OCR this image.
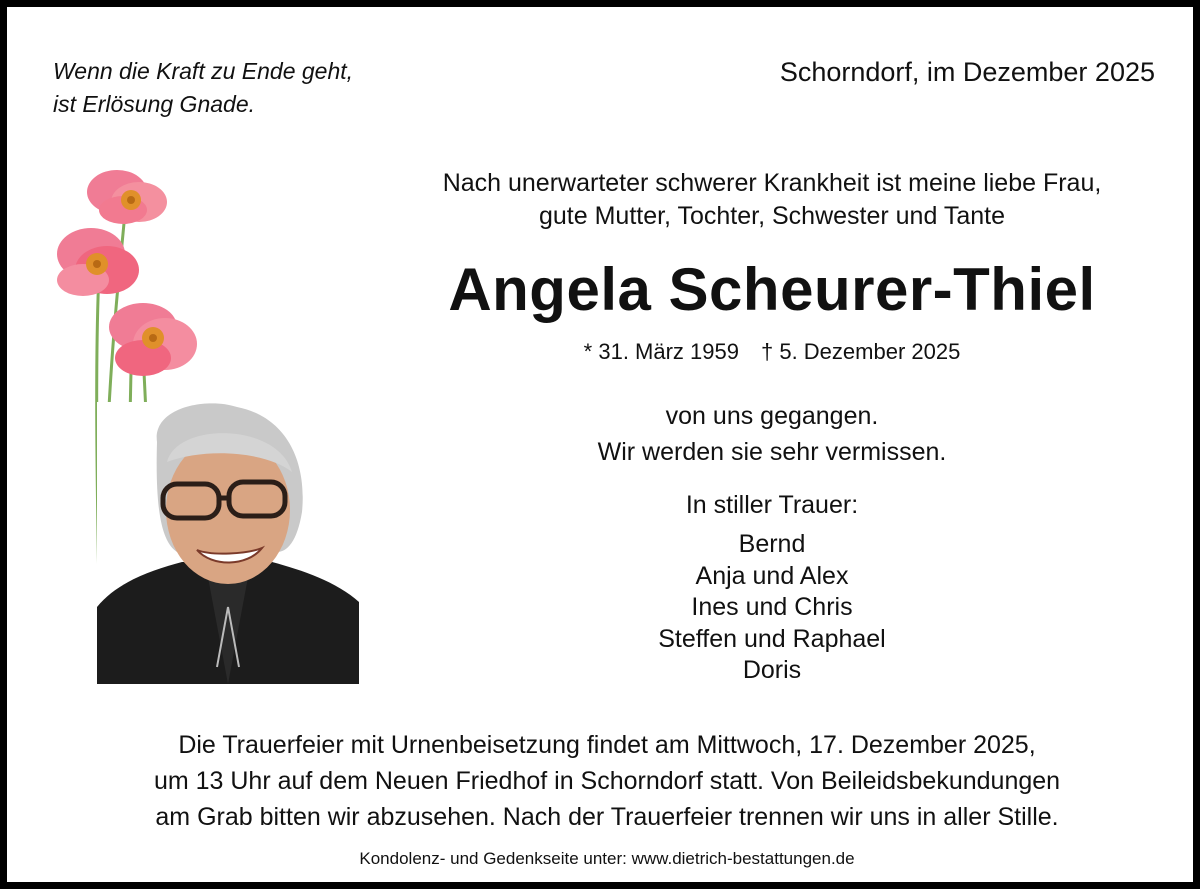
Wenn die Kraft zu Ende geht,
ist Erlösung Gnade.
Schorndorf, im Dezember 2025
Nach unerwarteter schwerer Krankheit ist meine liebe Frau,
gute Mutter, Tochter, Schwester und Tante
Angela Scheurer-Thiel
* 31. März 1959 † 5. Dezember 2025
von uns gegangen.
Wir werden sie sehr vermissen.
In stiller Trauer:
Bernd
Anja und Alex
Ines und Chris
Steffen und Raphael
Doris
Die Trauerfeier mit Urnenbeisetzung findet am Mittwoch, 17. Dezember 2025,
um 13 Uhr auf dem Neuen Friedhof in Schorndorf statt. Von Beileidsbekundungen
am Grab bitten wir abzusehen. Nach der Trauerfeier trennen wir uns in aller Stille.
Kondolenz- und Gedenkseite unter: www.dietrich-bestattungen.de
